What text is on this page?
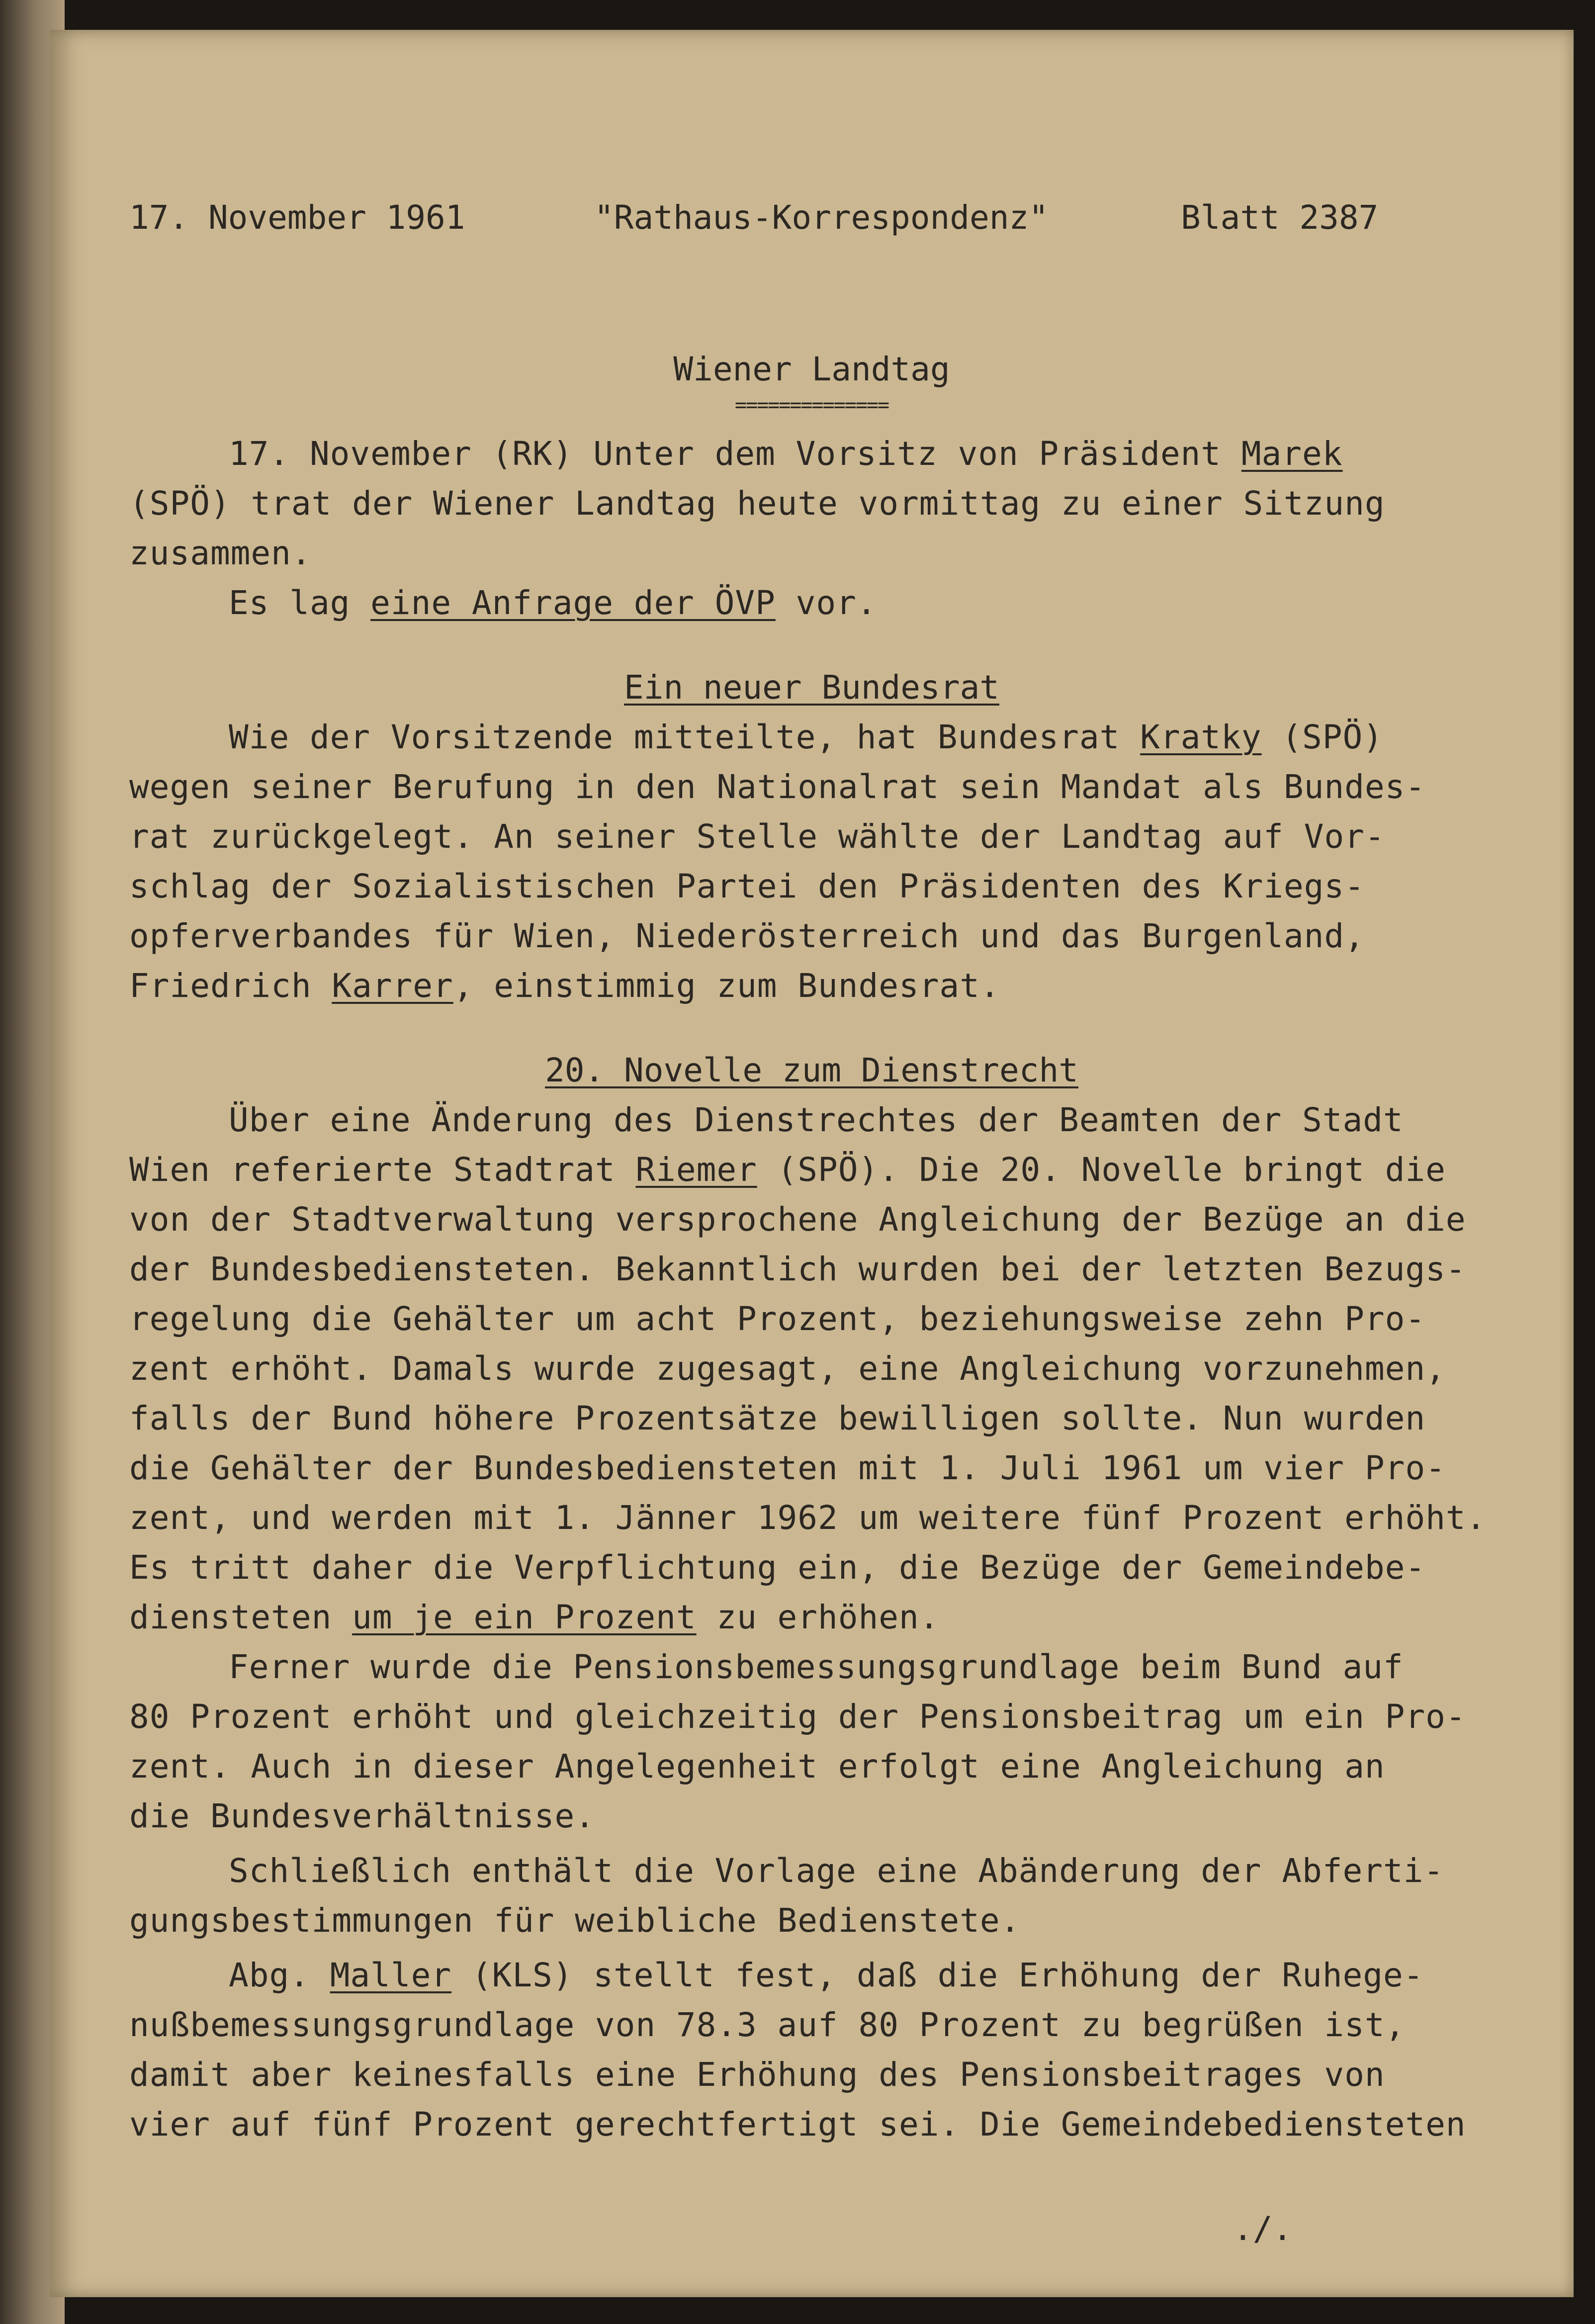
17. November 1961	"Rathaus-Korrespondenz"	Blatt 2387
Wiener Landtag
==============
17. November (RK) Unter dem Vorsitz von Präsident Marek
(SPÖ) trat der Wiener Landtag heute vormittag zu einer Sitzung
zusammen.
Es lag eine Anfrage der ÖVP vor.
Ein neuer Bundesrat
Wie der Vorsitzende mitteilte, hat Bundesrat Kratky (SPÖ)
wegen seiner Berufung in den Nationalrat sein Mandat als Bundes-
rat zurückgelegt. An seiner Stelle wählte der Landtag auf Vor-
schlag der Sozialistischen Partei den Präsidenten des Kriegs-
opferverbandes für Wien, Niederösterreich und das Burgenland,
Friedrich Karrer, einstimmig zum Bundesrat.
20. Novelle zum Dienstrecht
Über eine Änderung des Dienstrechtes der Beamten der Stadt
Wien referierte Stadtrat Riemer (SPÖ). Die 20. Novelle bringt die
von der Stadtverwaltung versprochene Angleichung der Bezüge an die
der Bundesbediensteten. Bekanntlich wurden bei der letzten Bezugs-
regelung die Gehälter um acht Prozent, beziehungsweise zehn Pro-
zent erhöht. Damals wurde zugesagt, eine Angleichung vorzunehmen,
falls der Bund höhere Prozentsätze bewilligen sollte. Nun wurden
die Gehälter der Bundesbediensteten mit 1. Juli 1961 um vier Pro-
zent, und werden mit 1. Jänner 1962 um weitere fünf Prozent erhöht.
Es tritt daher die Verpflichtung ein, die Bezüge der Gemeindebe-
diensteten um je ein Prozent zu erhöhen.
Ferner wurde die Pensionsbemessungsgrundlage beim Bund auf
80 Prozent erhöht und gleichzeitig der Pensionsbeitrag um ein Pro-
zent. Auch in dieser Angelegenheit erfolgt eine Angleichung an
die Bundesverhältnisse.
Schließlich enthält die Vorlage eine Abänderung der Abferti-
gungsbestimmungen für weibliche Bedienstete.
Abg. Maller (KLS) stellt fest, daß die Erhöhung der Ruhege-
nußbemessungsgrundlage von 78.3 auf 80 Prozent zu begrüßen ist,
damit aber keinesfalls eine Erhöhung des Pensionsbeitrages von
vier auf fünf Prozent gerechtfertigt sei. Die Gemeindebediensteten
./.
